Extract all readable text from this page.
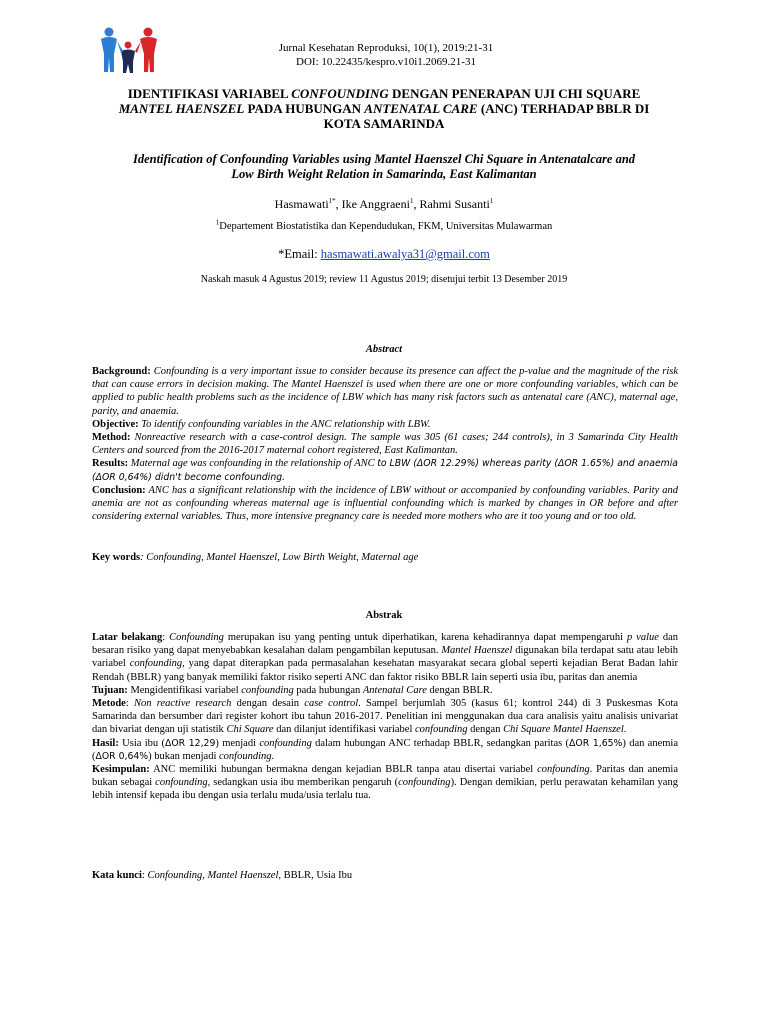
Jurnal Kesehatan Reproduksi, 10(1), 2019:21-31
DOI: 10.22435/kespro.v10i1.2069.21-31
IDENTIFIKASI VARIABEL CONFOUNDING DENGAN PENERAPAN UJI CHI SQUARE
MANTEL HAENSZEL PADA HUBUNGAN ANTENATAL CARE (ANC) TERHADAP BBLR DI
KOTA SAMARINDA
Identification of Confounding Variables using Mantel Haenszel Chi Square in Antenatalcare and
Low Birth Weight Relation in Samarinda, East Kalimantan
Hasmawati$^{1*}$, Ike Anggraeni$^1$, Rahmi Susanti$^1$
$^1$Departement Biostatistika dan Kependudukan, FKM, Universitas Mulawarman
*Email: hasmawati.awalya31@gmail.com
Naskah masuk 4 Agustus 2019; review 11 Agustus 2019; disetujui terbit 13 Desember 2019
Abstract
Background: Confounding is a very important issue to consider because its presence can affect the p-value and the magnitude of the risk that can cause errors in decision making. The Mantel Haenszel is used when there are one or more confounding variables, which can be applied to public health problems such as the incidence of LBW which has many risk factors such as antenatal care (ANC), maternal age, parity, and anaemia.
Objective: To identify confounding variables in the ANC relationship with LBW.
Method: Nonreactive research with a case-control design. The sample was 305 (61 cases; 244 controls), in 3 Samarinda City Health Centers and sourced from the 2016-2017 maternal cohort registered, East Kalimantan.
Results: Maternal age was confounding in the relationship of ANC to LBW (ΔOR 12.29%) whereas parity (ΔOR 1.65%) and anaemia (ΔOR 0,64%) didn't become confounding.
Conclusion: ANC has a significant relationship with the incidence of LBW without or accompanied by confounding variables. Parity and anemia are not as confounding whereas maternal age is influential confounding which is marked by changes in OR before and after considering external variables. Thus, more intensive pregnancy care is needed more mothers who are it too young and or too old.
Key words: Confounding, Mantel Haenszel, Low Birth Weight, Maternal age
Abstrak
Latar belakang: Confounding merupakan isu yang penting untuk diperhatikan, karena kehadirannya dapat mempengaruhi p value dan besaran risiko yang dapat menyebabkan kesalahan dalam pengambilan keputusan. Mantel Haenszel digunakan bila terdapat satu atau lebih variabel confounding, yang dapat diterapkan pada permasalahan kesehatan masyarakat secara global seperti kejadian Berat Badan lahir Rendah (BBLR) yang banyak memiliki faktor risiko seperti ANC dan faktor risiko BBLR lain seperti usia ibu, paritas dan anemia
Tujuan: Mengidentifikasi variabel confounding pada hubungan Antenatal Care dengan BBLR.
Metode: Non reactive research dengan desain case control. Sampel berjumlah 305 (kasus 61; kontrol 244) di 3 Puskesmas Kota Samarinda dan bersumber dari register kohort ibu tahun 2016-2017. Penelitian ini menggunakan dua cara analisis yaitu analisis univariat dan bivariat dengan uji statistik Chi Square dan dilanjut identifikasi variabel confounding dengan Chi Square Mantel Haenszel.
Hasil: Usia ibu (ΔOR 12,29) menjadi confounding dalam hubungan ANC terhadap BBLR, sedangkan paritas (ΔOR 1,65%) dan anemia (ΔOR 0,64%) bukan menjadi confounding.
Kesimpulan: ANC memiliki hubungan bermakna dengan kejadian BBLR tanpa atau disertai variabel confounding. Paritas dan anemia bukan sebagai confounding, sedangkan usia ibu memberikan pengaruh (confounding). Dengan demikian, perlu perawatan kehamilan yang lebih intensif kepada ibu dengan usia terlalu muda/usia terlalu tua.
Kata kunci: Confounding, Mantel Haenszel, BBLR, Usia Ibu
